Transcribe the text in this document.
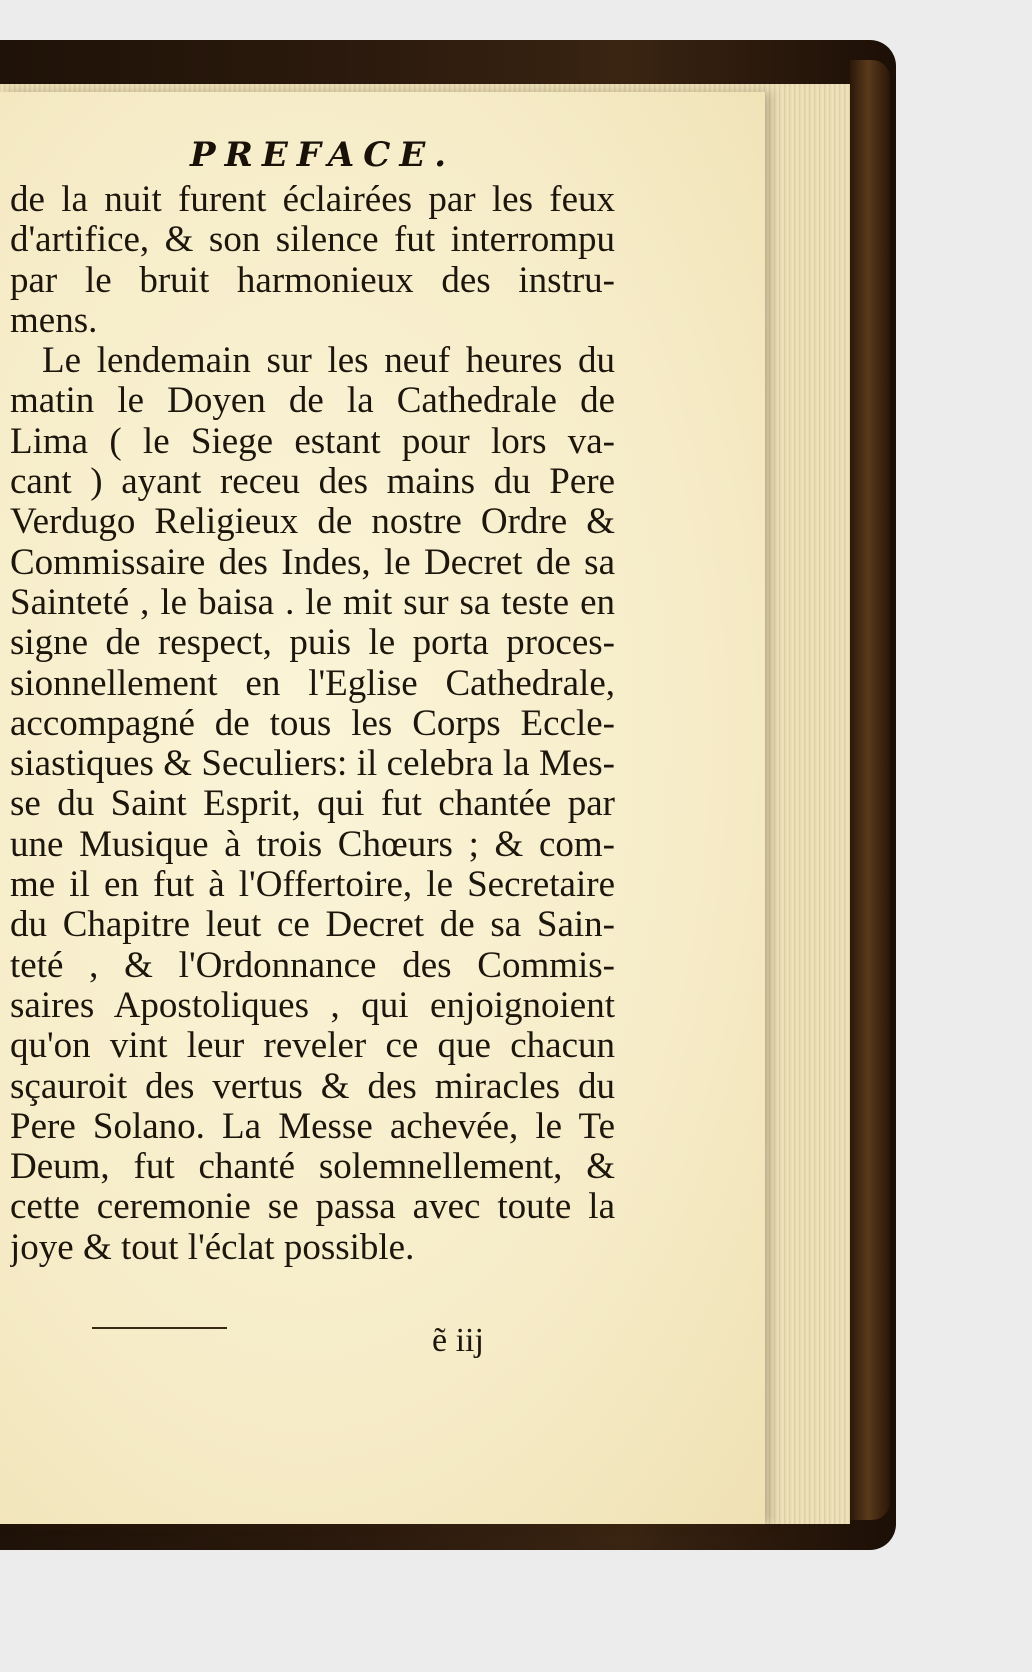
PREFACE.
de la nuit furent éclairées par les feux
d'artifice, & son silence fut interrompu
par le bruit harmonieux des instru-
mens.
Le lendemain sur les neuf heures du
matin le Doyen de la Cathedrale de
Lima ( le Siege estant pour lors va-
cant ) ayant receu des mains du Pere
Verdugo Religieux de nostre Ordre &
Commissaire des Indes, le Decret de sa
Sainteté , le baisa . le mit sur sa teste en
signe de respect, puis le porta proces-
sionnellement en l'Eglise Cathedrale,
accompagné de tous les Corps Eccle-
siastiques & Seculiers: il celebra la Mes-
se du Saint Esprit, qui fut chantée par
une Musique à trois Chœurs ; & com-
me il en fut à l'Offertoire, le Secretaire
du Chapitre leut ce Decret de sa Sain-
teté , & l'Ordonnance des Commis-
saires Apostoliques , qui enjoignoient
qu'on vint leur reveler ce que chacun
sçauroit des vertus & des miracles du
Pere Solano. La Messe achevée, le Te
Deum, fut chanté solemnellement, &
cette ceremonie se passa avec toute la
joye & tout l'éclat possible.
ẽ iij
